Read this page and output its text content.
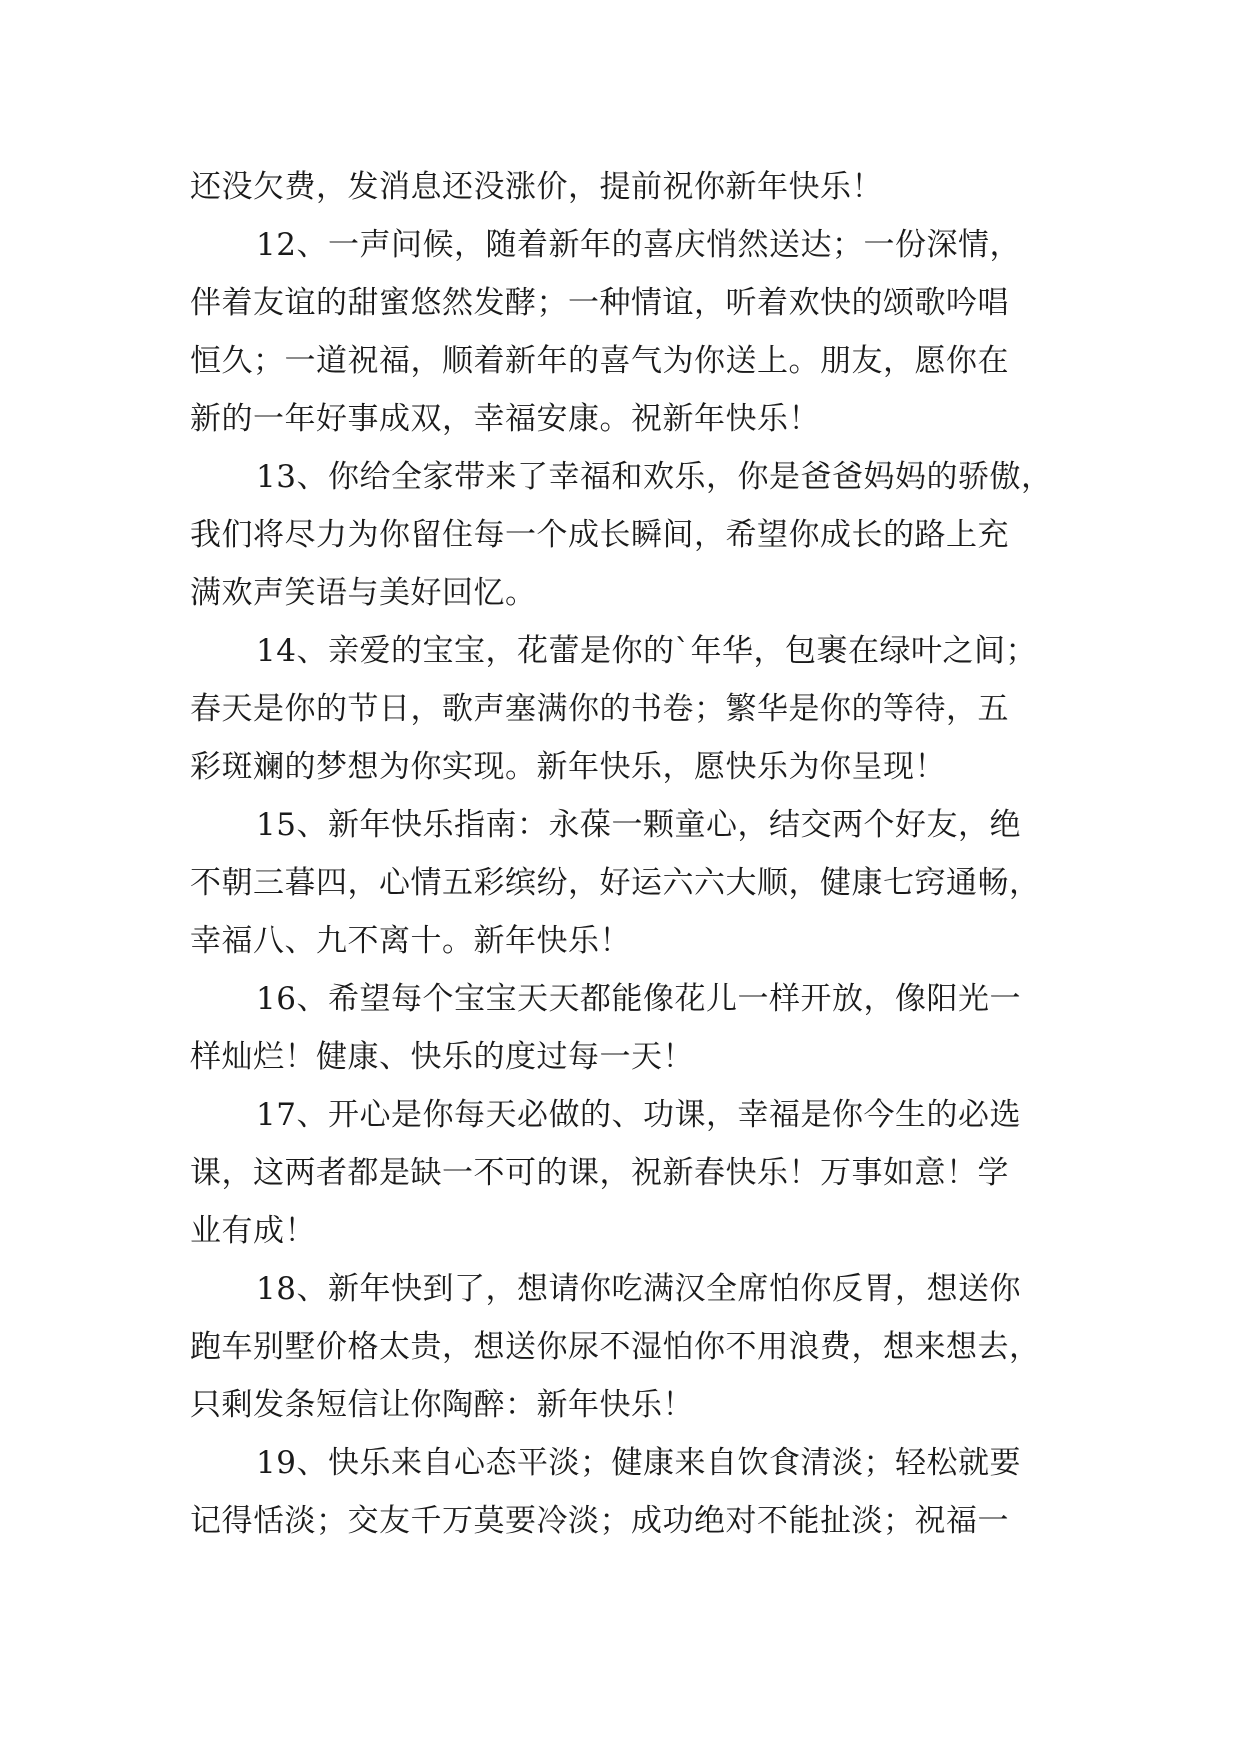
还没欠费，发消息还没涨价，提前祝你新年快乐！
12、一声问候，随着新年的喜庆悄然送达；一份深情，
伴着友谊的甜蜜悠然发酵；一种情谊，听着欢快的颂歌吟唱
恒久；一道祝福，顺着新年的喜气为你送上。朋友，愿你在
新的一年好事成双，幸福安康。祝新年快乐！
13、你给全家带来了幸福和欢乐，你是爸爸妈妈的骄傲，
我们将尽力为你留住每一个成长瞬间，希望你成长的路上充
满欢声笑语与美好回忆。
14、亲爱的宝宝，花蕾是你的`年华，包裹在绿叶之间；
春天是你的节日，歌声塞满你的书卷；繁华是你的等待，五
彩斑斓的梦想为你实现。新年快乐，愿快乐为你呈现！
15、新年快乐指南：永葆一颗童心，结交两个好友，绝
不朝三暮四，心情五彩缤纷，好运六六大顺，健康七窍通畅，
幸福八、九不离十。新年快乐！
16、希望每个宝宝天天都能像花儿一样开放，像阳光一
样灿烂！健康、快乐的度过每一天！
17、开心是你每天必做的、功课，幸福是你今生的必选
课，这两者都是缺一不可的课，祝新春快乐！万事如意！学
业有成！
18、新年快到了，想请你吃满汉全席怕你反胃，想送你
跑车别墅价格太贵，想送你尿不湿怕你不用浪费，想来想去，
只剩发条短信让你陶醉：新年快乐！
19、快乐来自心态平淡；健康来自饮食清淡；轻松就要
记得恬淡；交友千万莫要冷淡；成功绝对不能扯淡；祝福一
